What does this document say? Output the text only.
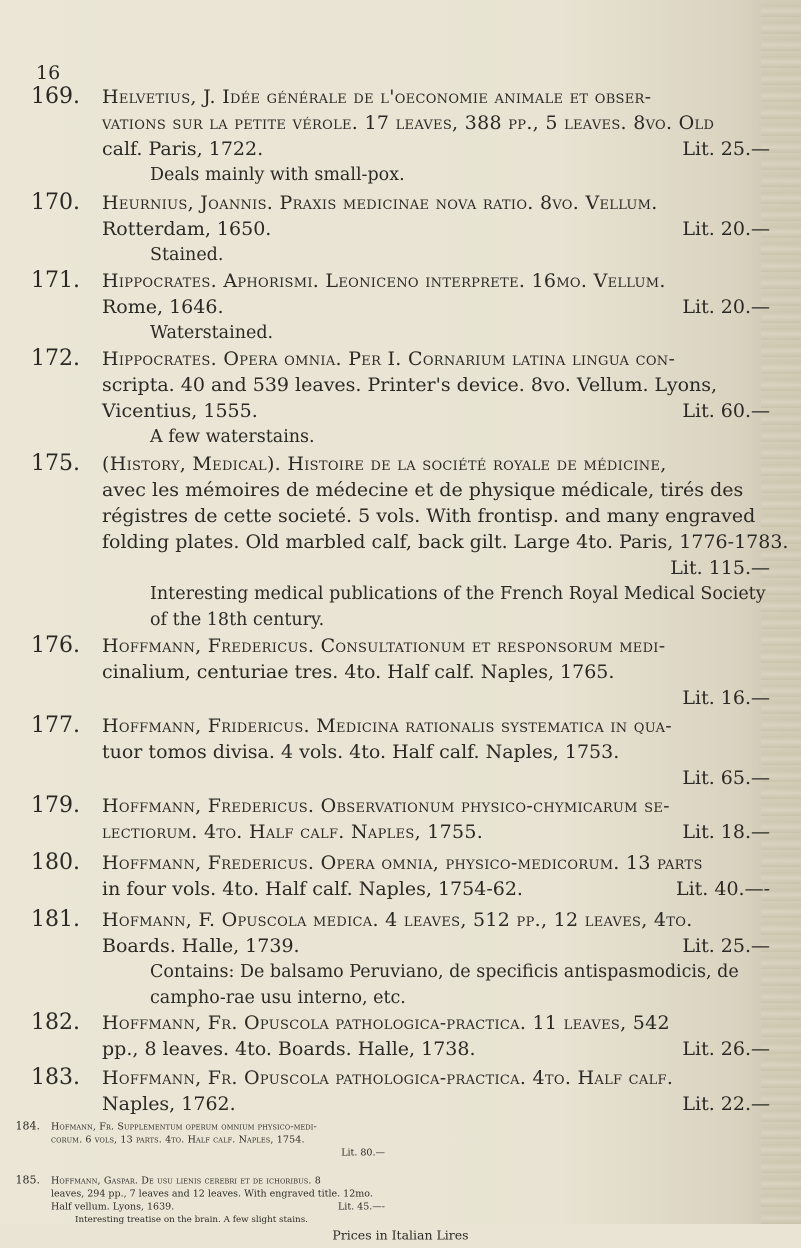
16

169. Helvetius, J. Idée générale de l'oeconomie animale et obser-
vations sur la petite vérole. 17 leaves, 388 pp., 5 leaves. 8vo. Old
calf. Paris, 1722.	Lit. 25.—
Deals mainly with small-pox.
170. Heurnius, Joannis. Praxis medicinae nova ratio. 8vo. Vellum.
Rotterdam, 1650.	Lit. 20.—
Stained.
171. Hippocrates. Aphorismi. Leoniceno interprete. 16mo. Vellum.
Rome, 1646.	Lit. 20.—
Waterstained.
172. Hippocrates. Opera omnia. Per I. Cornarium latina lingua con-
scripta. 40 and 539 leaves. Printer's device. 8vo. Vellum. Lyons,
Vicentius, 1555.	Lit. 60.—
A few waterstains.
175. (History, Medical). Histoire de la société royale de médicine,
avec les mémoires de médecine et de physique médicale, tirés des
régistres de cette societé. 5 vols. With frontisp. and many engraved
folding plates. Old marbled calf, back gilt. Large 4to. Paris, 1776-1783.
Lit. 115.—
Interesting medical publications of the French Royal Medical Society of the 18th century.
176. Hoffmann, Fredericus. Consultationum et responsorum medi-
cinalium, centuriae tres. 4to. Half calf. Naples, 1765.
Lit. 16.—
177. Hoffmann, Fridericus. Medicina rationalis systematica in qua-
tuor tomos divisa. 4 vols. 4to. Half calf. Naples, 1753.
Lit. 65.—
179. Hoffmann, Fredericus. Observationum physico-chymicarum se-
lectiorum. 4to. Half calf. Naples, 1755.	Lit. 18.—
180. Hoffmann, Fredericus. Opera omnia, physico-medicorum. 13 parts
in four vols. 4to. Half calf. Naples, 1754-62.	Lit. 40.—-
181. Hofmann, F. Opuscola medica. 4 leaves, 512 pp., 12 leaves, 4to.
Boards. Halle, 1739.	Lit. 25.—
Contains: De balsamo Peruviano, de specificis antispasmodicis, de campho-rae usu interno, etc.
182. Hoffmann, Fr. Opuscola pathologica-practica. 11 leaves, 542
pp., 8 leaves. 4to. Boards. Halle, 1738.	Lit. 26.—
183. Hoffmann, Fr. Opuscola pathologica-practica. 4to. Half calf.
Naples, 1762.	Lit. 22.—
184. Hofmann, Fr. Supplementum operum omnium physico-medi-
corum. 6 vols, 13 parts. 4to. Half calf. Naples, 1754.
Lit. 80.—
185. Hoffmann, Gaspar. De usu lienis cerebri et de ichoribus. 8
leaves, 294 pp., 7 leaves and 12 leaves. With engraved title. 12mo.
Half vellum. Lyons, 1639.	Lit. 45.—-
Interesting treatise on the brain. A few slight stains.
Prices in Italian Lires
